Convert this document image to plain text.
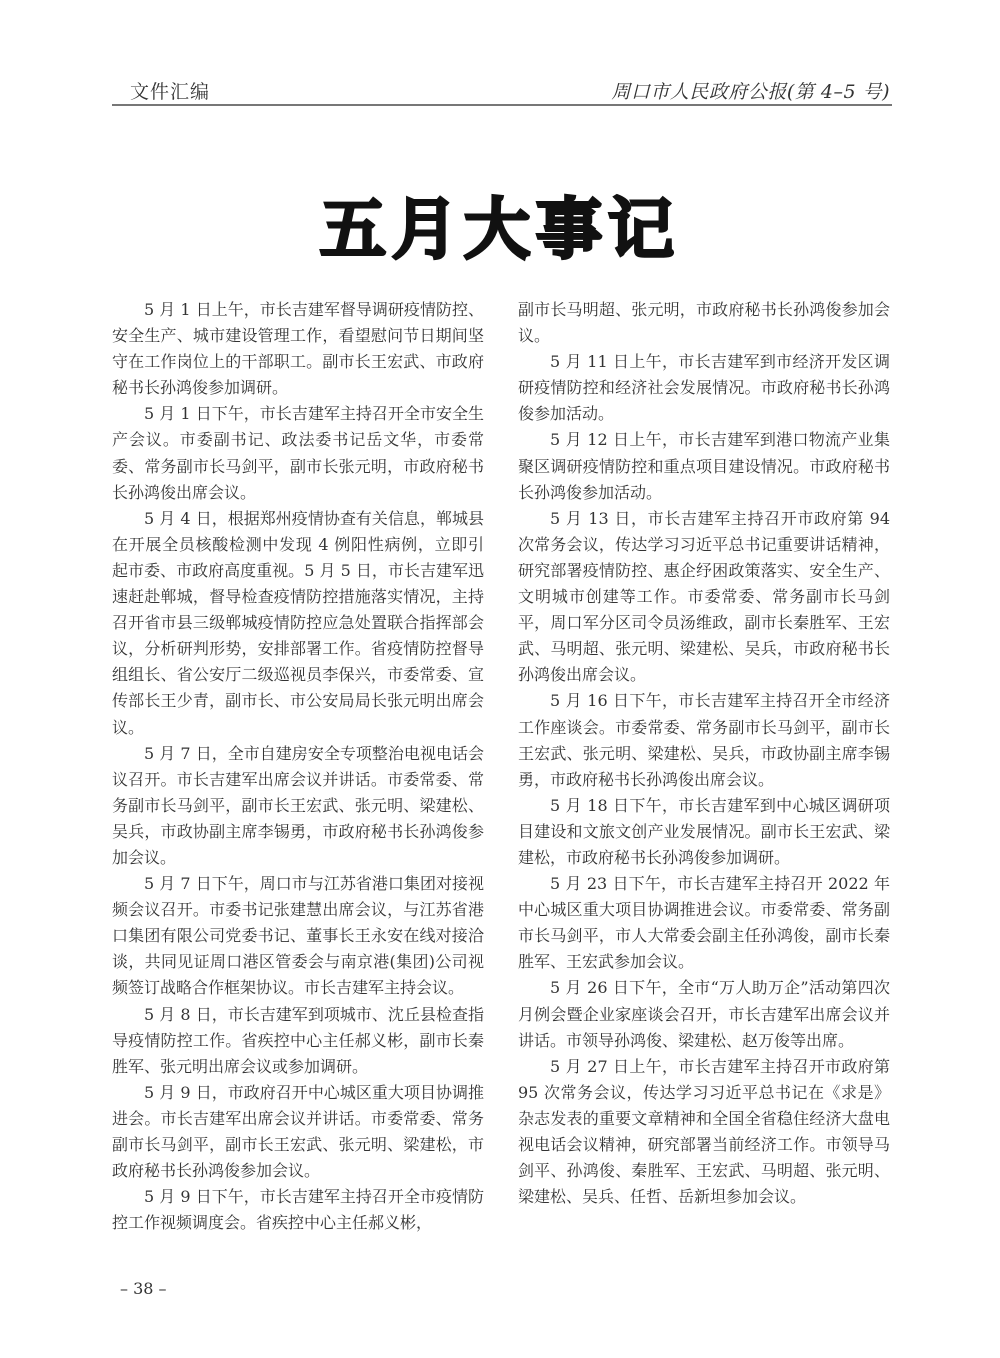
文件汇编	周口市人民政府公报(第 4–5 号)
五月大事记

5 月 1 日上午，市长吉建军督导调研疫情防控、安全生产、城市建设管理工作，看望慰问节日期间坚守在工作岗位上的干部职工。副市长王宏武、市政府秘书长孙鸿俊参加调研。

5 月 1 日下午，市长吉建军主持召开全市安全生产会议。市委副书记、政法委书记岳文华，市委常委、常务副市长马剑平，副市长张元明，市政府秘书长孙鸿俊出席会议。

5 月 4 日，根据郑州疫情协查有关信息，郸城县在开展全员核酸检测中发现 4 例阳性病例，立即引起市委、市政府高度重视。5 月 5 日，市长吉建军迅速赶赴郸城，督导检查疫情防控措施落实情况，主持召开省市县三级郸城疫情防控应急处置联合指挥部会议，分析研判形势，安排部署工作。省疫情防控督导组组长、省公安厅二级巡视员李保兴，市委常委、宣传部长王少青，副市长、市公安局局长张元明出席会议。

5 月 7 日，全市自建房安全专项整治电视电话会议召开。市长吉建军出席会议并讲话。市委常委、常务副市长马剑平，副市长王宏武、张元明、梁建松、吴兵，市政协副主席李锡勇，市政府秘书长孙鸿俊参加会议。

5 月 7 日下午，周口市与江苏省港口集团对接视频会议召开。市委书记张建慧出席会议，与江苏省港口集团有限公司党委书记、董事长王永安在线对接洽谈，共同见证周口港区管委会与南京港(集团)公司视频签订战略合作框架协议。市长吉建军主持会议。

5 月 8 日，市长吉建军到项城市、沈丘县检查指导疫情防控工作。省疾控中心主任郝义彬，副市长秦胜军、张元明出席会议或参加调研。

5 月 9 日，市政府召开中心城区重大项目协调推进会。市长吉建军出席会议并讲话。市委常委、常务副市长马剑平，副市长王宏武、张元明、梁建松，市政府秘书长孙鸿俊参加会议。

5 月 9 日下午，市长吉建军主持召开全市疫情防控工作视频调度会。省疾控中心主任郝义彬，

副市长马明超、张元明，市政府秘书长孙鸿俊参加会议。

5 月 11 日上午，市长吉建军到市经济开发区调研疫情防控和经济社会发展情况。市政府秘书长孙鸿俊参加活动。

5 月 12 日上午，市长吉建军到港口物流产业集聚区调研疫情防控和重点项目建设情况。市政府秘书长孙鸿俊参加活动。

5 月 13 日，市长吉建军主持召开市政府第 94 次常务会议，传达学习习近平总书记重要讲话精神，研究部署疫情防控、惠企纾困政策落实、安全生产、文明城市创建等工作。市委常委、常务副市长马剑平，周口军分区司令员汤维政，副市长秦胜军、王宏武、马明超、张元明、梁建松、吴兵，市政府秘书长孙鸿俊出席会议。

5 月 16 日下午，市长吉建军主持召开全市经济工作座谈会。市委常委、常务副市长马剑平，副市长王宏武、张元明、梁建松、吴兵，市政协副主席李锡勇，市政府秘书长孙鸿俊出席会议。

5 月 18 日下午，市长吉建军到中心城区调研项目建设和文旅文创产业发展情况。副市长王宏武、梁建松，市政府秘书长孙鸿俊参加调研。

5 月 23 日下午，市长吉建军主持召开 2022 年中心城区重大项目协调推进会议。市委常委、常务副市长马剑平，市人大常委会副主任孙鸿俊，副市长秦胜军、王宏武参加会议。

5 月 26 日下午，全市“万人助万企”活动第四次月例会暨企业家座谈会召开，市长吉建军出席会议并讲话。市领导孙鸿俊、梁建松、赵万俊等出席。

5 月 27 日上午，市长吉建军主持召开市政府第 95 次常务会议，传达学习习近平总书记在《求是》杂志发表的重要文章精神和全国全省稳住经济大盘电视电话会议精神，研究部署当前经济工作。市领导马剑平、孙鸿俊、秦胜军、王宏武、马明超、张元明、梁建松、吴兵、任哲、岳新坦参加会议。

– 38 –
